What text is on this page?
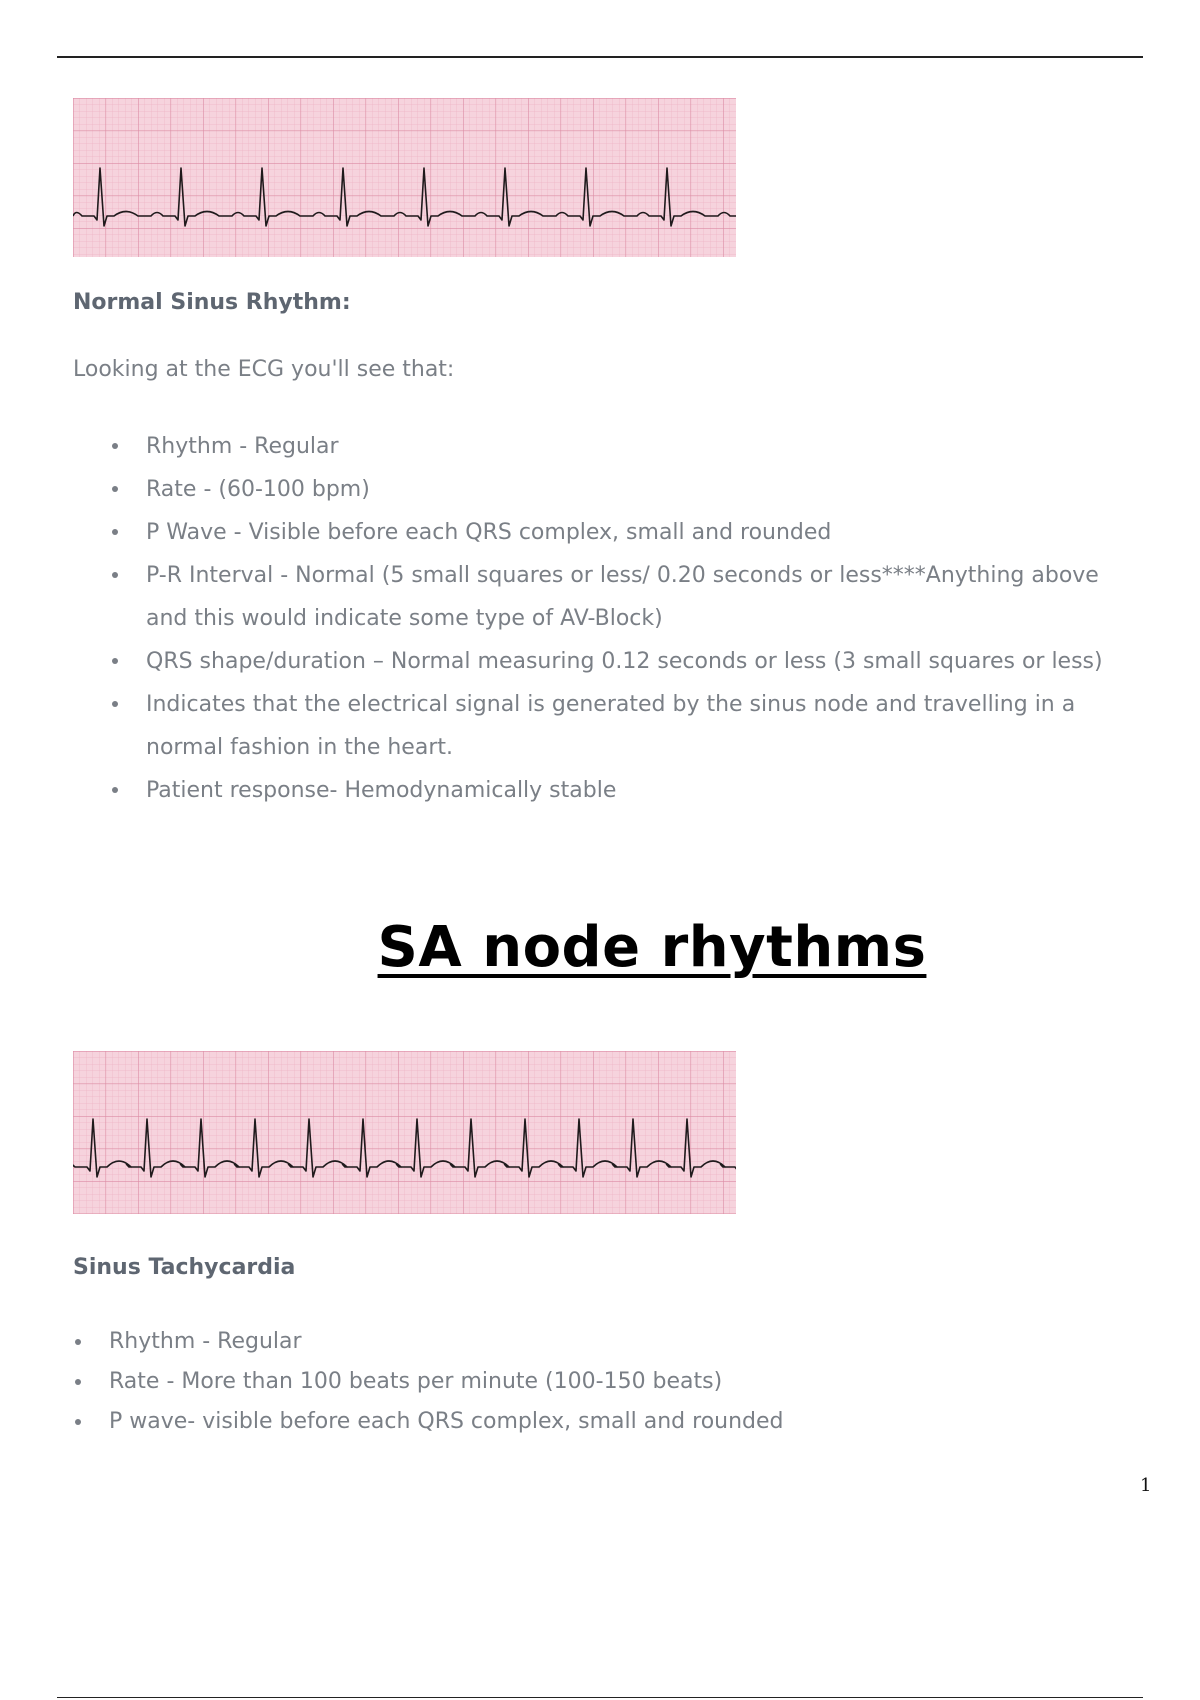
Normal Sinus Rhythm:

Looking at the ECG you'll see that:

Rhythm - Regular
Rate - (60-100 bpm)
P Wave - Visible before each QRS complex, small and rounded
P-R Interval - Normal (5 small squares or less/ 0.20 seconds or less****Anything above and this would indicate some type of AV-Block)
QRS shape/duration – Normal measuring 0.12 seconds or less (3 small squares or less)
Indicates that the electrical signal is generated by the sinus node and travelling in a normal fashion in the heart.
Patient response- Hemodynamically stable
SA node rhythms
Sinus Tachycardia
Rhythm - Regular
Rate - More than 100 beats per minute (100-150 beats)
P wave- visible before each QRS complex, small and rounded

1
